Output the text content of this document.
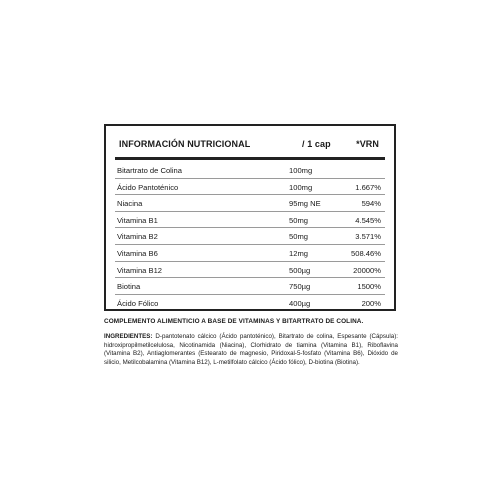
INFORMACIÓN NUTRICIONAL	/ 1 cap	*VRN
Bitartrato de Colina	100mg
Ácido Pantoténico	100mg	1.667%
Niacina	95mg NE	594%
Vitamina B1	50mg	4.545%
Vitamina B2	50mg	3.571%
Vitamina B6	12mg	508.46%
Vitamina B12	500µg	20000%
Biotina	750µg	1500%
Ácido Fólico	400µg	200%
COMPLEMENTO ALIMENTICIO A BASE DE VITAMINAS Y BITARTRATO DE COLINA.
INGREDIENTES: D-pantotenato cálcico (Ácido pantoténico), Bitartrato de colina, Espesante (Cápsula): hidroxipropilmetilcelulosa, Nicotinamida (Niacina), Clorhidrato de tiamina (Vitamina B1), Riboflavina (Vitamina B2), Antiaglomerantes (Estearato de magnesio, Piridoxal-5-fosfato (Vitamina B6), Dióxido de silicio, Metilcobalamina (Vitamina B12), L-metilfolato cálcico (Ácido fólico), D-biotina (Biotina).
